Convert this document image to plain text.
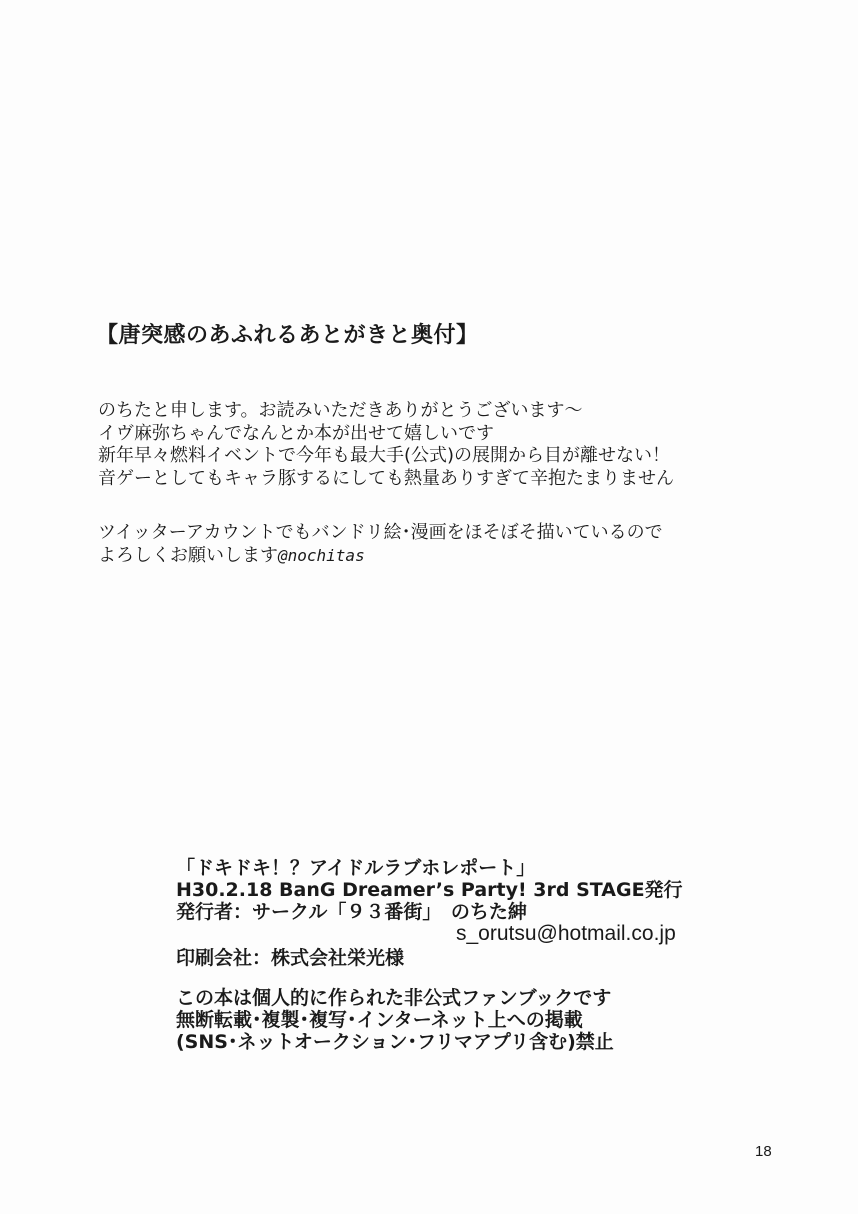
【唐突感のあふれるあとがきと奥付】
のちたと申します。お読みいただきありがとうございます〜
イヴ麻弥ちゃんでなんとか本が出せて嬉しいです
新年早々燃料イベントで今年も最大手(公式)の展開から目が離せない！
音ゲーとしてもキャラ豚するにしても熱量ありすぎて辛抱たまりません
ツイッターアカウントでもバンドリ絵･漫画をほそぼそ描いているので
よろしくお願いします@nochitas
「ドキドキ！？アイドルラブホレポート」
H30.2.18 BanG Dreamer’s Party! 3rd STAGE発行
発行者：サークル「９３番街」　のちた紳
s_orutsu@hotmail.co.jp
印刷会社：株式会社栄光様
この本は個人的に作られた非公式ファンブックです
無断転載･複製･複写･インターネット上への掲載
(SNS･ネットオークション･フリマアプリ含む)禁止
18
